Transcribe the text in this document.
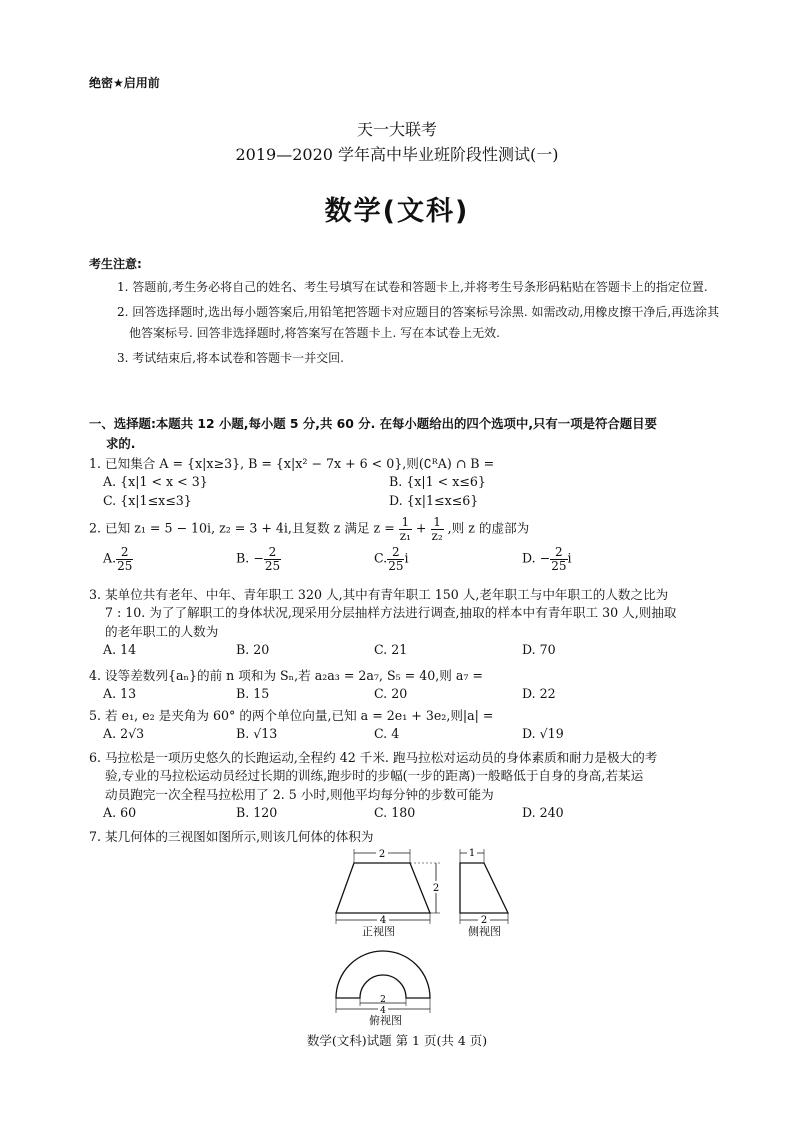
绝密★启用前
天一大联考
2019—2020 学年高中毕业班阶段性测试(一)
数学(文科)
考生注意:
1. 答题前,考生务必将自己的姓名、考生号填写在试卷和答题卡上,并将考生号条形码粘贴在答题卡上的指定位置.
2. 回答选择题时,选出每小题答案后,用铅笔把答题卡对应题目的答案标号涂黑. 如需改动,用橡皮擦干净后,再选涂其他答案标号. 回答非选择题时,将答案写在答题卡上. 写在本试卷上无效.
3. 考试结束后,将本试卷和答题卡一并交回.
一、选择题:本题共 12 小题,每小题 5 分,共 60 分. 在每小题给出的四个选项中,只有一项是符合题目要
求的.
1. 已知集合 A = {x|x≥3}, B = {x|x² − 7x + 6 < 0},则(∁ᴿA) ∩ B =
A. {x|1 < x < 3}	B. {x|1 < x≤6}
C. {x|1≤x≤3}	D. {x|1≤x≤6}
2. 已知 z₁ = 5 − 10i, z₂ = 3 + 4i,且复数 z 满足 $z = \frac{1}{\text{z₁}} + \frac{1}{\text{z₂}}$ ,则 z 的虚部为
A. $\frac{2}{25}$	B. − $\frac{2}{25}$	C. $\frac{2}{25}$ i	D. − $\frac{2}{25}$ i
3. 某单位共有老年、中年、青年职工 320 人,其中有青年职工 150 人,老年职工与中年职工的人数之比为
7 : 10. 为了了解职工的身体状况,现采用分层抽样方法进行调查,抽取的样本中有青年职工 30 人,则抽取
的老年职工的人数为
A. 14	B. 20	C. 21	D. 70
4. 设等差数列{aₙ}的前 n 项和为 Sₙ,若 a₂a₃ = 2a₇, S₅ = 40,则 a₇ =
A. 13	B. 15	C. 20	D. 22
5. 若 e₁, e₂ 是夹角为 60° 的两个单位向量,已知 a = 2e₁ + 3e₂,则|a| =
A. 2√3	B. √13	C. 4	D. √19
6. 马拉松是一项历史悠久的长跑运动,全程约 42 千米. 跑马拉松对运动员的身体素质和耐力是极大的考
验,专业的马拉松运动员经过长期的训练,跑步时的步幅(一步的距离)一般略低于自身的身高,若某运
动员跑完一次全程马拉松用了 2. 5 小时,则他平均每分钟的步数可能为
A. 60	B. 120	C. 180	D. 240
7. 某几何体的三视图如图所示,则该几何体的体积为
2
2
4
正视图
1
2
侧视图
2
4
俯视图
数学(文科)试题 第 1 页(共 4 页)
